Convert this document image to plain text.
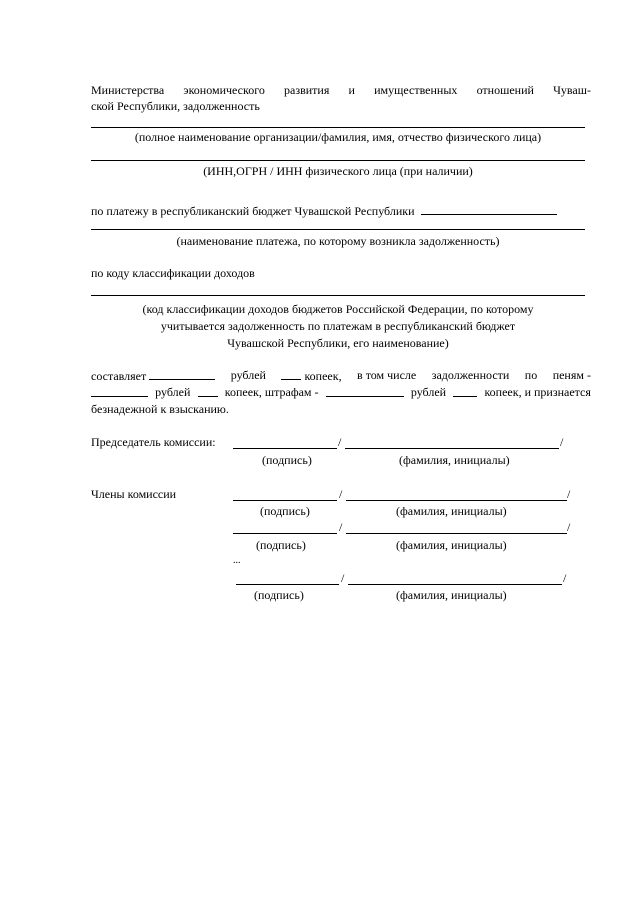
Министерства экономического развития и имущественных отношений Чуваш-
ской Республики, задолженность
(полное наименование организации/фамилия, имя, отчество физического лица)
(ИНН,ОГРН / ИНН физического лица (при наличии)
по платежу в республиканский бюджет Чувашской Республики
(наименование платежа, по которому возникла задолженность)
по коду классификации доходов
(код классификации доходов бюджетов Российской Федерации, по которому
учитывается задолженность по платежам в республиканский бюджет
Чувашской Республики, его наименование)
составляет	рублей	копеек, в том числе задолженности по пеням -
рублей	копеек, штрафам -	рублей	копеек, и признается
безнадежной к взысканию.
Председатель комиссии:	/	/
(подпись)	(фамилия, инициалы)
Члены комиссии	/	/
(подпись)	(фамилия, инициалы)
/	/
(подпись)	(фамилия, инициалы)
...
/	/
(подпись)	(фамилия, инициалы)
